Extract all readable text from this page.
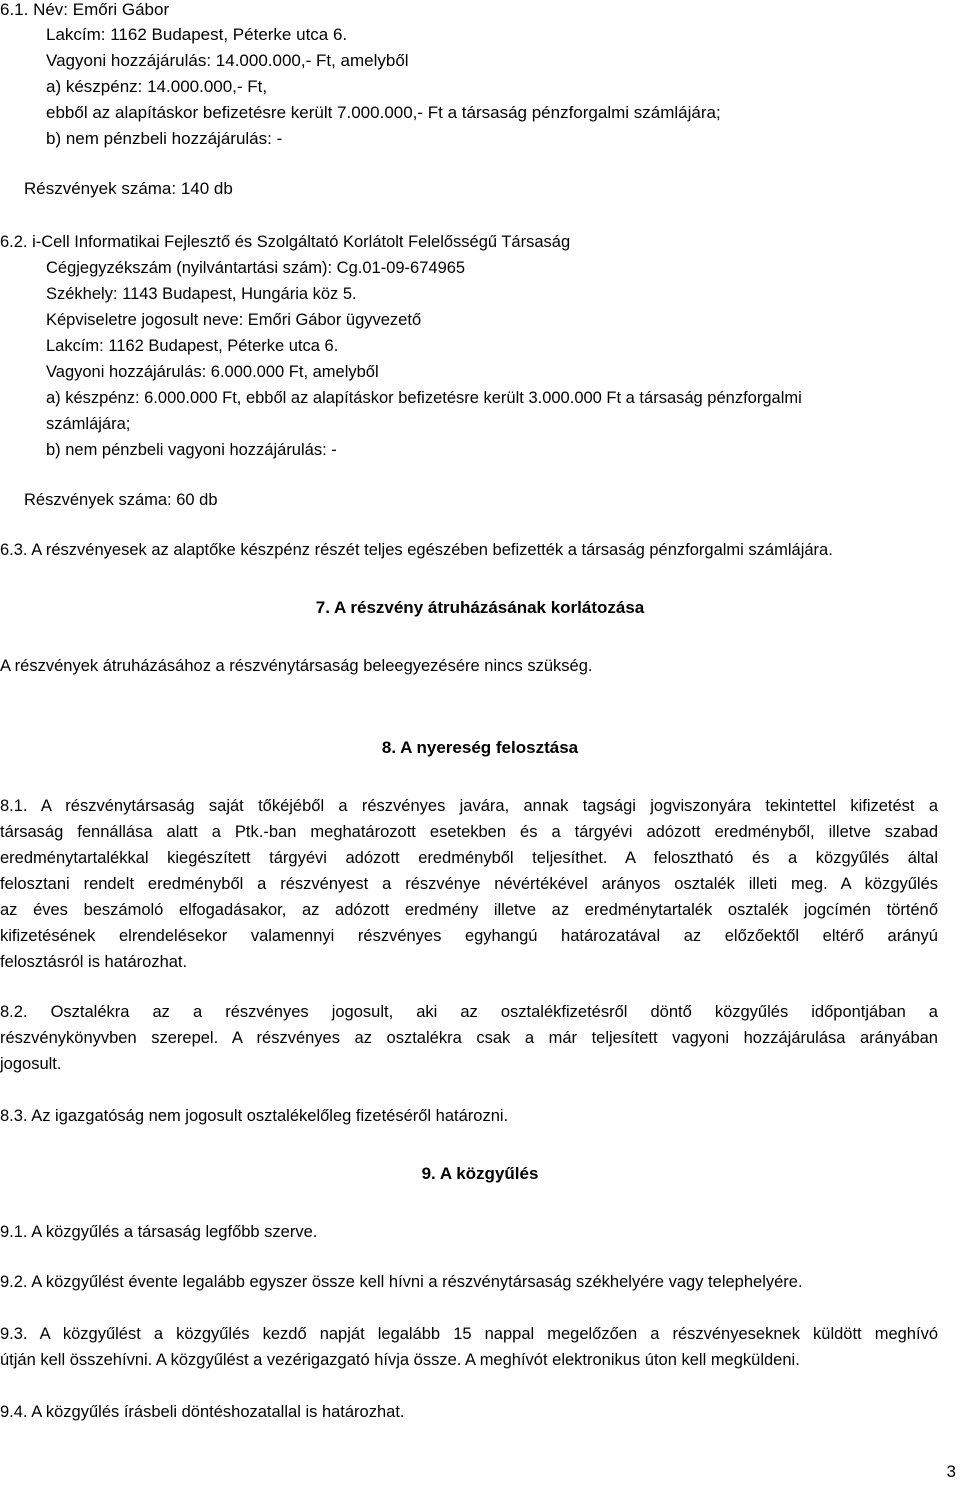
6.1. Név: Emőri Gábor
Lakcím: 1162 Budapest, Péterke utca 6.
Vagyoni hozzájárulás: 14.000.000,- Ft, amelyből
a) készpénz: 14.000.000,- Ft,
ebből az alapításkor befizetésre került 7.000.000,- Ft a társaság pénzforgalmi számlájára;
b) nem pénzbeli hozzájárulás: -
Részvények száma: 140 db
6.2. i-Cell Informatikai Fejlesztő és Szolgáltató Korlátolt Felelősségű Társaság
Cégjegyzékszám (nyilvántartási szám): Cg.01-09-674965
Székhely: 1143 Budapest, Hungária köz 5.
Képviseletre jogosult neve: Emőri Gábor ügyvezető
Lakcím: 1162 Budapest, Péterke utca 6.
Vagyoni hozzájárulás: 6.000.000 Ft, amelyből
a) készpénz: 6.000.000 Ft, ebből az alapításkor befizetésre került 3.000.000 Ft a társaság pénzforgalmi
számlájára;
b) nem pénzbeli vagyoni hozzájárulás: -
Részvények száma: 60 db
6.3. A részvényesek az alaptőke készpénz részét teljes egészében befizették a társaság pénzforgalmi számlájára.
7. A részvény átruházásának korlátozása
A részvények átruházásához a részvénytársaság beleegyezésére nincs szükség.
8. A nyereség felosztása
8.1. A részvénytársaság saját tőkéjéből a részvényes javára, annak tagsági jogviszonyára tekintettel kifizetést a
társaság fennállása alatt a Ptk.-ban meghatározott esetekben és a tárgyévi adózott eredményből, illetve szabad
eredménytartalékkal kiegészített tárgyévi adózott eredményből teljesíthet. A felosztható és a közgyűlés által
felosztani rendelt eredményből a részvényest a részvénye névértékével arányos osztalék illeti meg. A közgyűlés
az éves beszámoló elfogadásakor, az adózott eredmény illetve az eredménytartalék osztalék jogcímén történő
kifizetésének elrendelésekor valamennyi részvényes egyhangú határozatával az előzőektől eltérő arányú
felosztásról is határozhat.
8.2. Osztalékra az a részvényes jogosult, aki az osztalékfizetésről döntő közgyűlés időpontjában a
részvénykönyvben szerepel. A részvényes az osztalékra csak a már teljesített vagyoni hozzájárulása arányában
jogosult.
8.3. Az igazgatóság nem jogosult osztalékelőleg fizetéséről határozni.
9. A közgyűlés
9.1. A közgyűlés a társaság legfőbb szerve.
9.2. A közgyűlést évente legalább egyszer össze kell hívni a részvénytársaság székhelyére vagy telephelyére.
9.3. A közgyűlést a közgyűlés kezdő napját legalább 15 nappal megelőzően a részvényeseknek küldött meghívó
útján kell összehívni. A közgyűlést a vezérigazgató hívja össze. A meghívót elektronikus úton kell megküldeni.
9.4. A közgyűlés írásbeli döntéshozatallal is határozhat.
3
